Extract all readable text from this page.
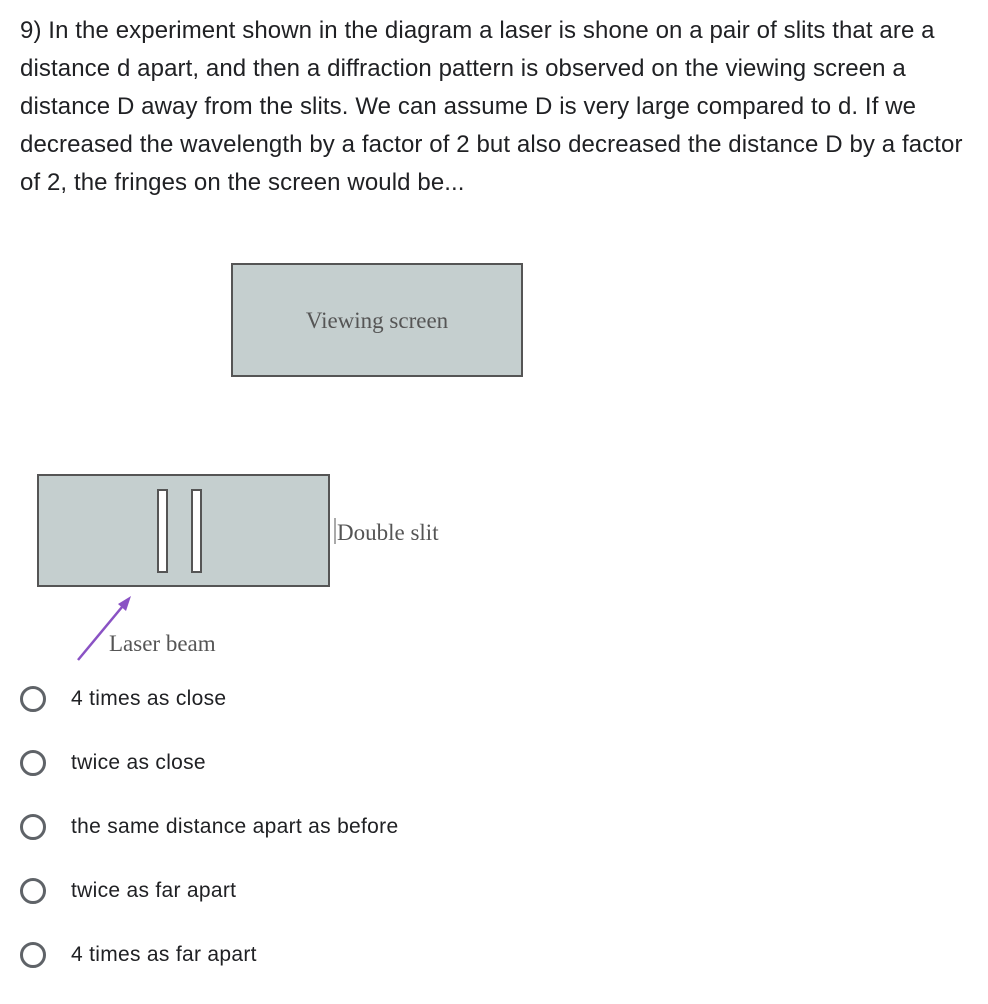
9) In the experiment shown in the diagram a laser is shone on a pair of slits that are a distance d apart, and then a diffraction pattern is observed on the viewing screen a distance D away from the slits. We can assume D is very large compared to d. If we decreased the wavelength by a factor of 2 but also decreased the distance D by a factor of 2, the fringes on the screen would be...

Viewing screen
Double slit
Laser beam
4 times as close
twice as close
the same distance apart as before
twice as far apart
4 times as far apart
